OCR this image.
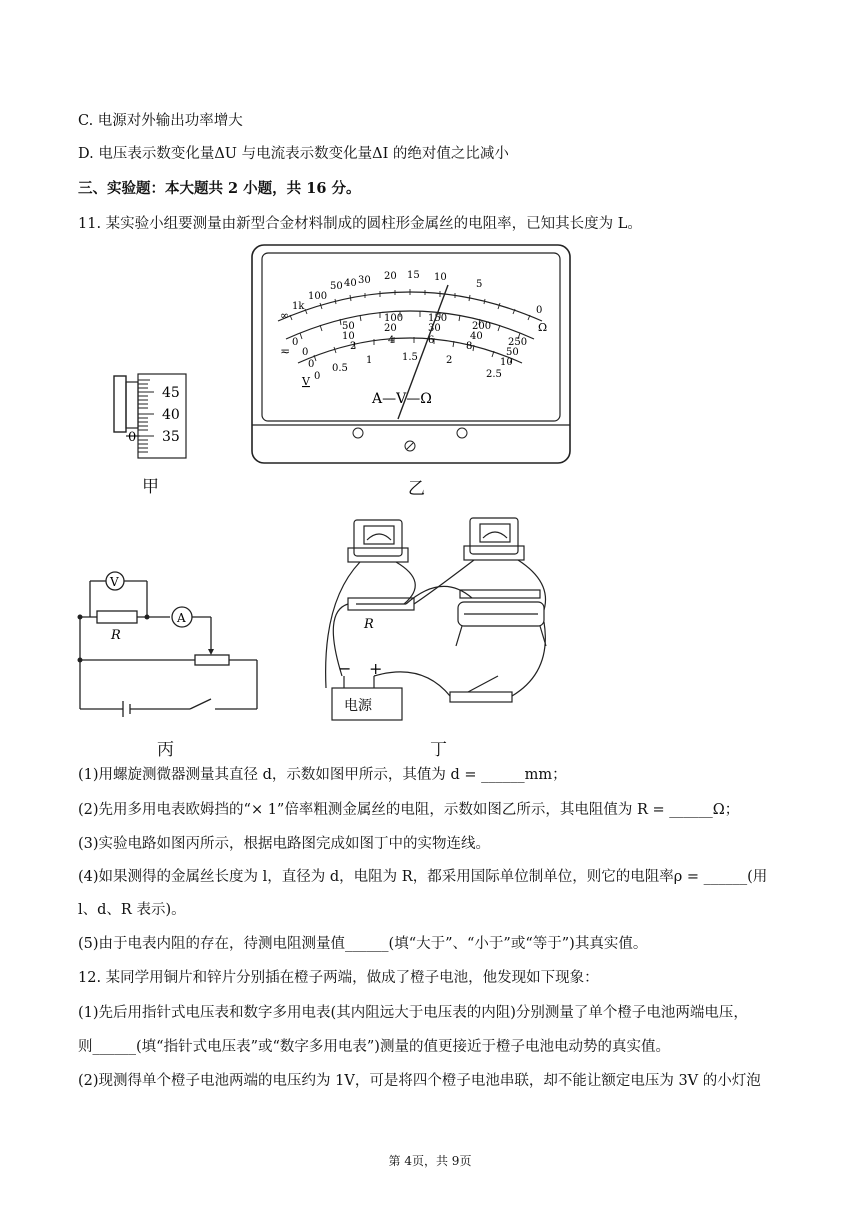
C. 电源对外输出功率增大
D. 电压表示数变化量ΔU 与电流表示数变化量ΔI 的绝对值之比减小
三、实验题：本大题共 2 小题，共 16 分。
11. 某实验小组要测量由新型合金材料制成的圆柱形金属丝的电阻率，已知其长度为 L。
45
40
35
0
甲
∞
1k
100
50 40 30 20 15 10
5
0
Ω
0
50
100 150
200
250
0
10
20	30
40
50
0
2
4	6
8
10
0
0.5
1	1.5	2
2.5
≂
V
A—V—Ω
乙
V
A
R
丙
R
电源
− +
丁
(1)用螺旋测微器测量其直径 d，示数如图甲所示，其值为 d = ______mm；
(2)先用多用电表欧姆挡的“× 1”倍率粗测金属丝的电阻，示数如图乙所示，其电阻值为 R = ______Ω；
(3)实验电路如图丙所示，根据电路图完成如图丁中的实物连线。
(4)如果测得的金属丝长度为 l，直径为 d，电阻为 R，都采用国际单位制单位，则它的电阻率ρ = ______(用
l、d、R 表示)。
(5)由于电表内阻的存在，待测电阻测量值______(填“大于”、“小于”或“等于”)其真实值。
12. 某同学用铜片和锌片分别插在橙子两端，做成了橙子电池，他发现如下现象：
(1)先后用指针式电压表和数字多用电表(其内阻远大于电压表的内阻)分别测量了单个橙子电池两端电压，
则______(填“指针式电压表”或“数字多用电表”)测量的值更接近于橙子电池电动势的真实值。
(2)现测得单个橙子电池两端的电压约为 1V，可是将四个橙子电池串联，却不能让额定电压为 3V 的小灯泡
第 4页，共 9页
